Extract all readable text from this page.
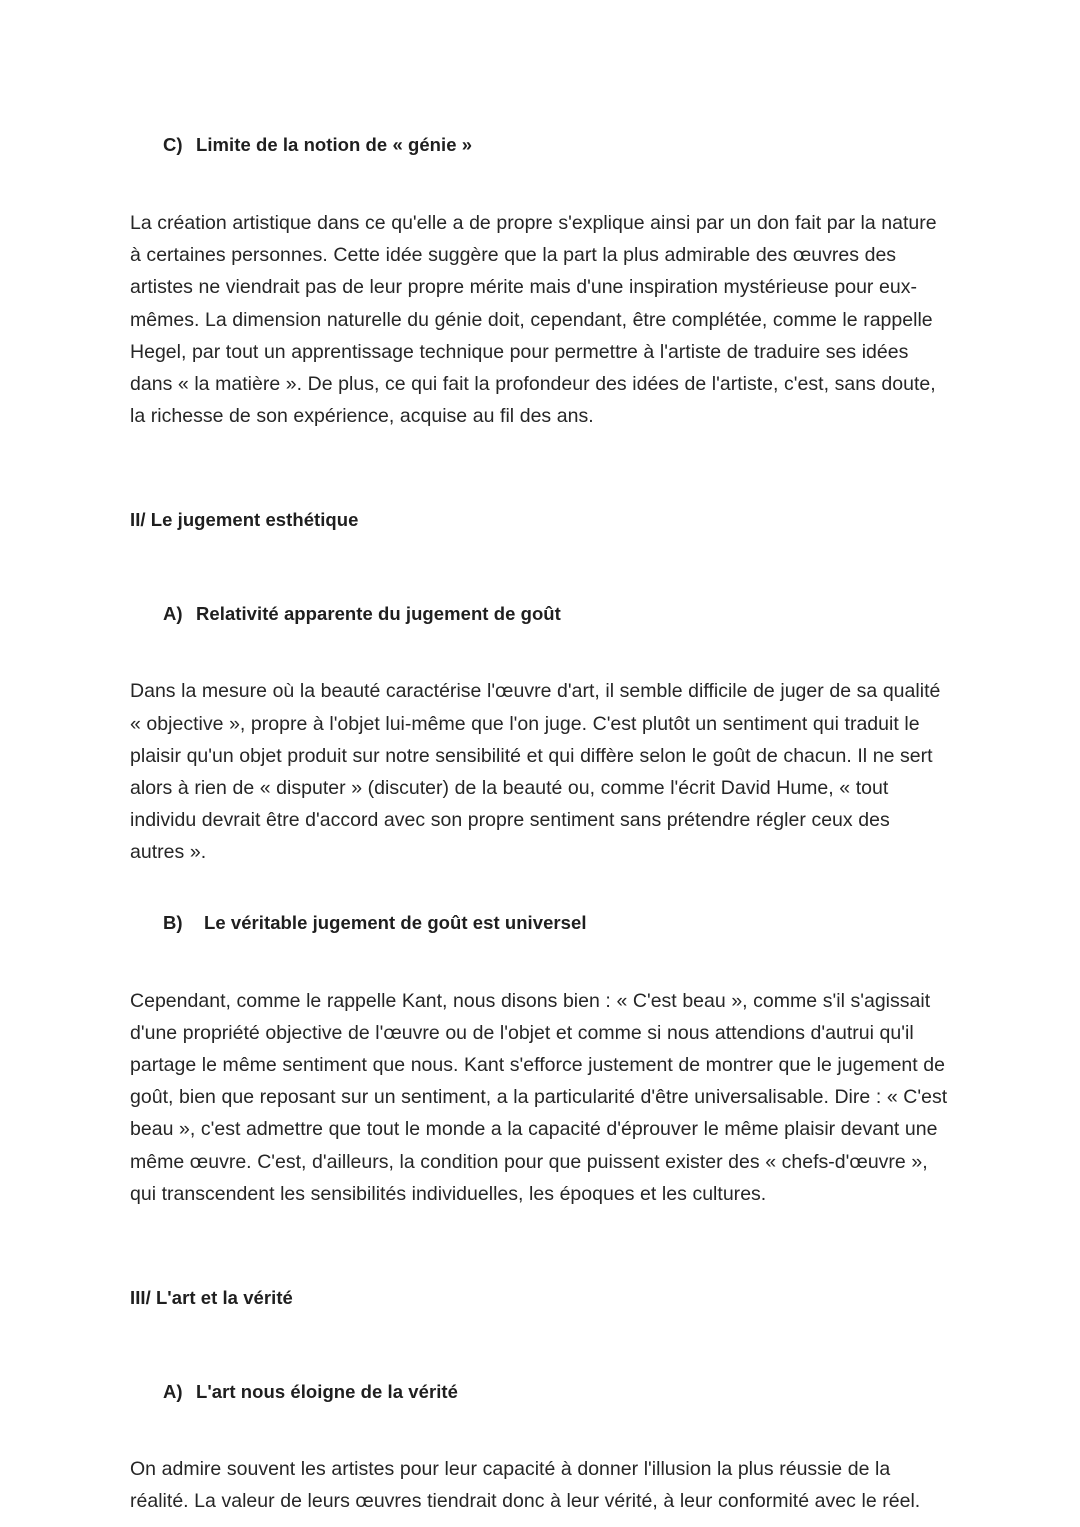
C) Limite de la notion de « génie »

La création artistique dans ce qu'elle a de propre s'explique ainsi par un don fait par la nature à certaines personnes. Cette idée suggère que la part la plus admirable des œuvres des artistes ne viendrait pas de leur propre mérite mais d'une inspiration mystérieuse pour eux-mêmes. La dimension naturelle du génie doit, cependant, être complétée, comme le rappelle Hegel, par tout un apprentissage technique pour permettre à l'artiste de traduire ses idées dans « la matière ». De plus, ce qui fait la profondeur des idées de l'artiste, c'est, sans doute, la richesse de son expérience, acquise au fil des ans.

II/ Le jugement esthétique
A) Relativité apparente du jugement de goût

Dans la mesure où la beauté caractérise l'œuvre d'art, il semble difficile de juger de sa qualité « objective », propre à l'objet lui-même que l'on juge. C'est plutôt un sentiment qui traduit le plaisir qu'un objet produit sur notre sensibilité et qui diffère selon le goût de chacun. Il ne sert alors à rien de « disputer » (discuter) de la beauté ou, comme l'écrit David Hume, « tout individu devrait être d'accord avec son propre sentiment sans prétendre régler ceux des autres ».

B)	Le véritable jugement de goût est universel

Cependant, comme le rappelle Kant, nous disons bien : « C'est beau », comme s'il s'agissait d'une propriété objective de l'œuvre ou de l'objet et comme si nous attendions d'autrui qu'il partage le même sentiment que nous. Kant s'efforce justement de montrer que le jugement de goût, bien que reposant sur un sentiment, a la particularité d'être universalisable. Dire : « C'est beau », c'est admettre que tout le monde a la capacité d'éprouver le même plaisir devant une même œuvre. C'est, d'ailleurs, la condition pour que puissent exister des « chefs-d'œuvre », qui transcendent les sensibilités individuelles, les époques et les cultures.

III/ L'art et la vérité
A) L'art nous éloigne de la vérité

On admire souvent les artistes pour leur capacité à donner l'illusion la plus réussie de la réalité. La valeur de leurs œuvres tiendrait donc à leur vérité, à leur conformité avec le réel.
